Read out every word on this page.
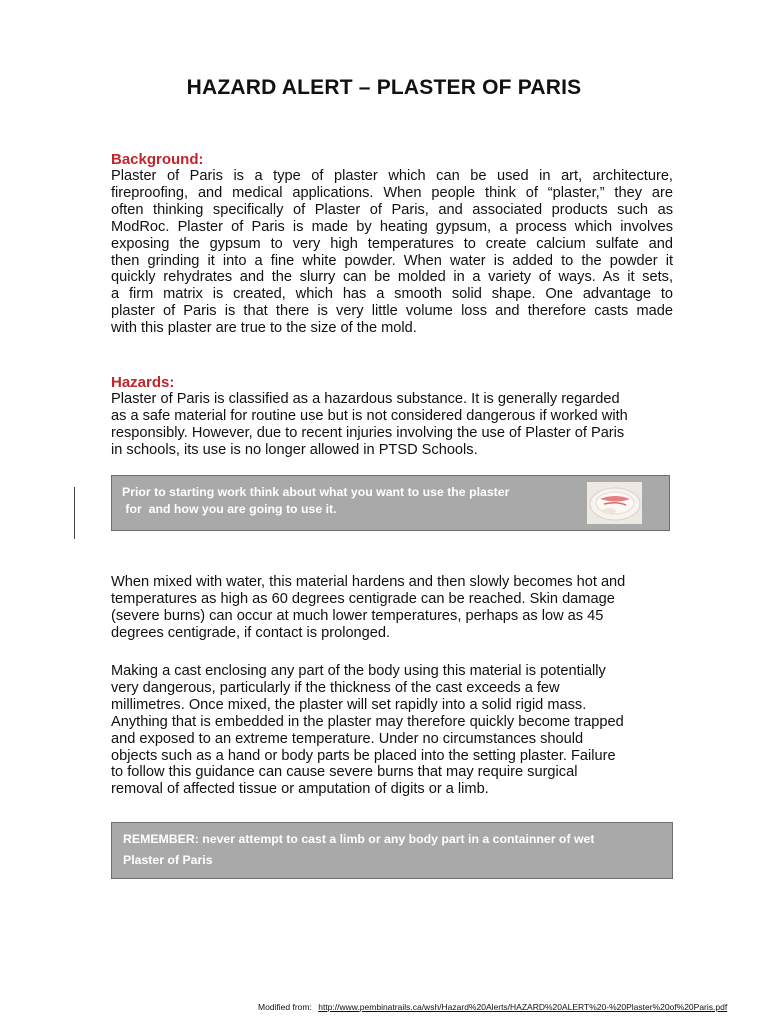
HAZARD ALERT – PLASTER OF PARIS
Background:
Plaster of Paris is a type of plaster which can be used in art, architecture,
fireproofing, and medical applications. When people think of “plaster,” they are
often thinking specifically of Plaster of Paris, and associated products such as
ModRoc. Plaster of Paris is made by heating gypsum, a process which involves
exposing the gypsum to very high temperatures to create calcium sulfate and
then grinding it into a fine white powder. When water is added to the powder it
quickly rehydrates and the slurry can be molded in a variety of ways. As it sets,
a firm matrix is created, which has a smooth solid shape. One advantage to
plaster of Paris is that there is very little volume loss and therefore casts made
with this plaster are true to the size of the mold.
Hazards:
Plaster of Paris is classified as a hazardous substance. It is generally regarded
as a safe material for routine use but is not considered dangerous if worked with
responsibly. However, due to recent injuries involving the use of Plaster of Paris
in schools, its use is no longer allowed in PTSD Schools.
Prior to starting work think about what you want to use the plaster
for  and how you are going to use it.
When mixed with water, this material hardens and then slowly becomes hot and
temperatures as high as 60 degrees centigrade can be reached. Skin damage
(severe burns) can occur at much lower temperatures, perhaps as low as 45
degrees centigrade, if contact is prolonged.
Making a cast enclosing any part of the body using this material is potentially
very dangerous, particularly if the thickness of the cast exceeds a few
millimetres. Once mixed, the plaster will set rapidly into a solid rigid mass.
Anything that is embedded in the plaster may therefore quickly become trapped
and exposed to an extreme temperature. Under no circumstances should
objects such as a hand or body parts be placed into the setting plaster. Failure
to follow this guidance can cause severe burns that may require surgical
removal of affected tissue or amputation of digits or a limb.
REMEMBER: never attempt to cast a limb or any body part in a containner of wet
Plaster of Paris
Modified from: http://www.pembinatrails.ca/wsh/Hazard%20Alerts/HAZARD%20ALERT%20-%20Plaster%20of%20Paris.pdf
